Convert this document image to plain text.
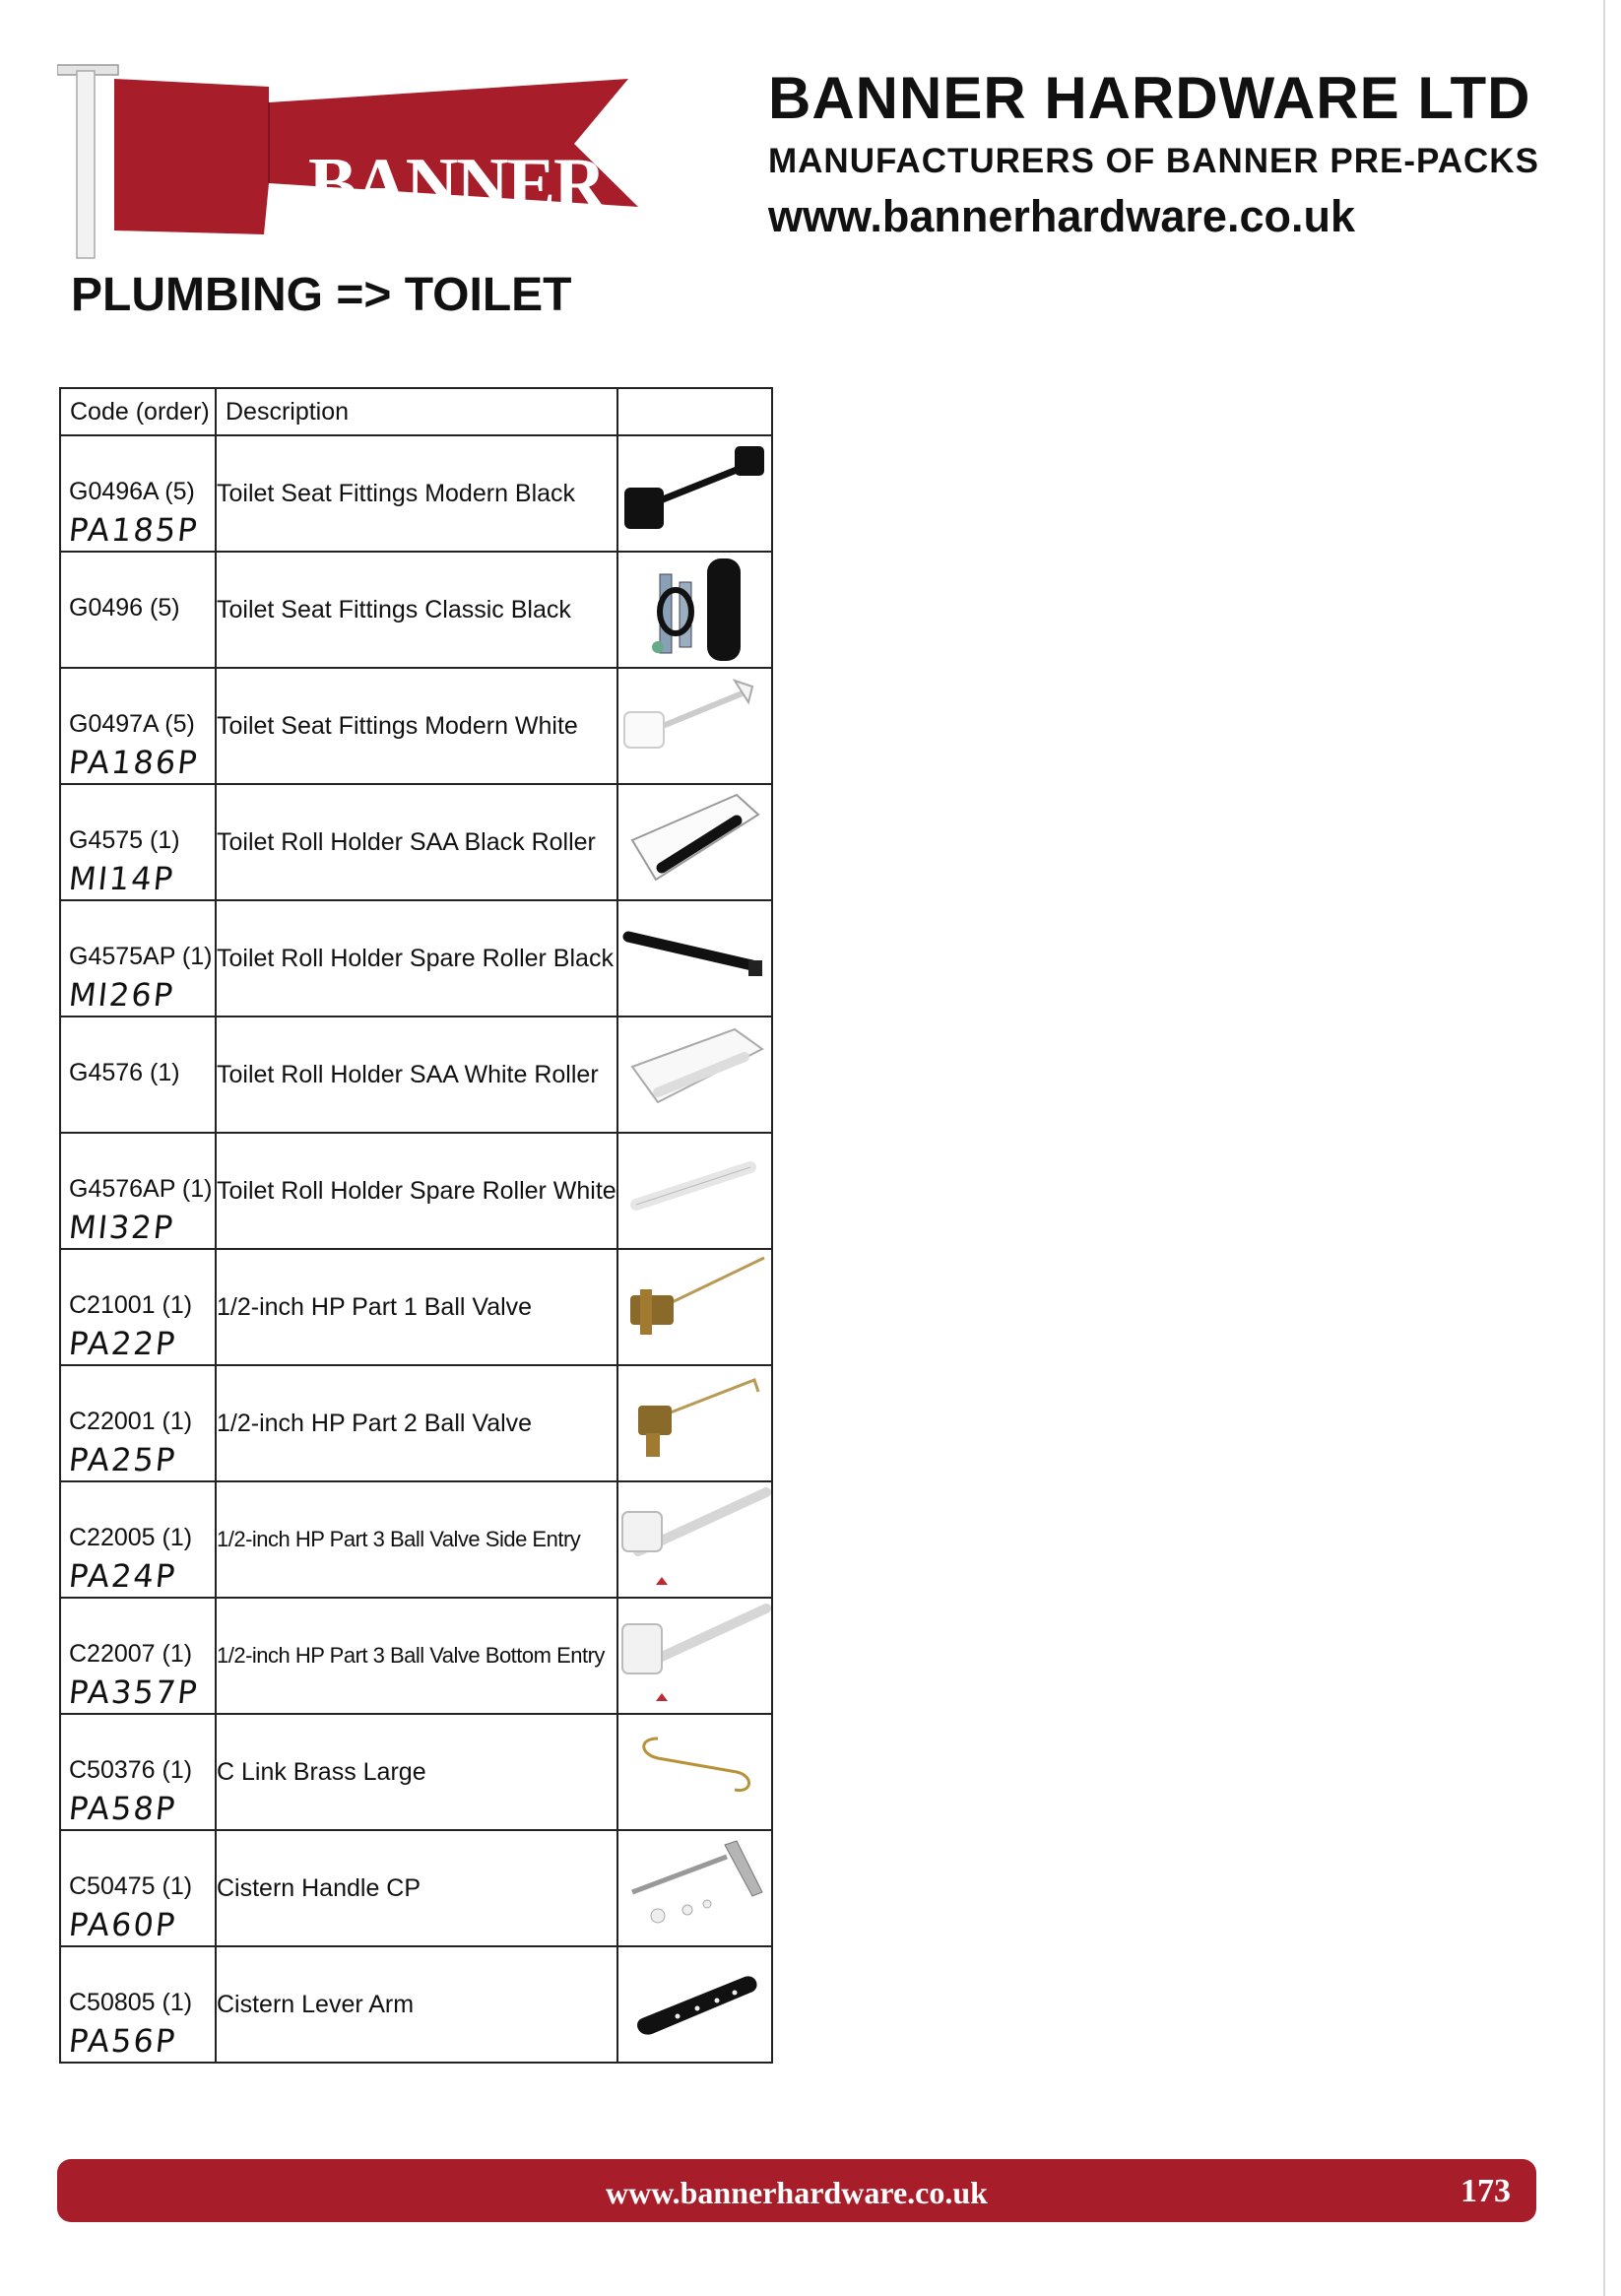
BANNER
BANNER HARDWARE LTD
MANUFACTURERS OF BANNER PRE-PACKS
www.bannerhardware.co.uk
PLUMBING => TOILET
Code (order)	Description	

G0496A (5)
PA185P	Toilet Seat Fittings Modern Black	

G0496 (5)	Toilet Seat Fittings Classic Black	

G0497A (5)
PA186P	Toilet Seat Fittings Modern White	

G4575 (1)
MI14P	Toilet Roll Holder SAA Black Roller	

G4575AP (1)
MI26P	Toilet Roll Holder Spare Roller Black	

G4576 (1)	Toilet Roll Holder SAA White Roller	

G4576AP (1)
MI32P	Toilet Roll Holder Spare Roller White	

C21001 (1)
PA22P	1/2-inch HP Part 1 Ball Valve	

C22001 (1)
PA25P	1/2-inch HP Part 2 Ball Valve	

C22005 (1)
PA24P	1/2-inch HP Part 3 Ball Valve Side Entry	

C22007 (1)
PA357P	1/2-inch HP Part 3 Ball Valve Bottom Entry	

C50376 (1)
PA58P	C Link Brass Large	

C50475 (1)
PA60P	Cistern Handle CP	

C50805 (1)
PA56P	Cistern Lever Arm	
www.bannerhardware.co.uk	173
